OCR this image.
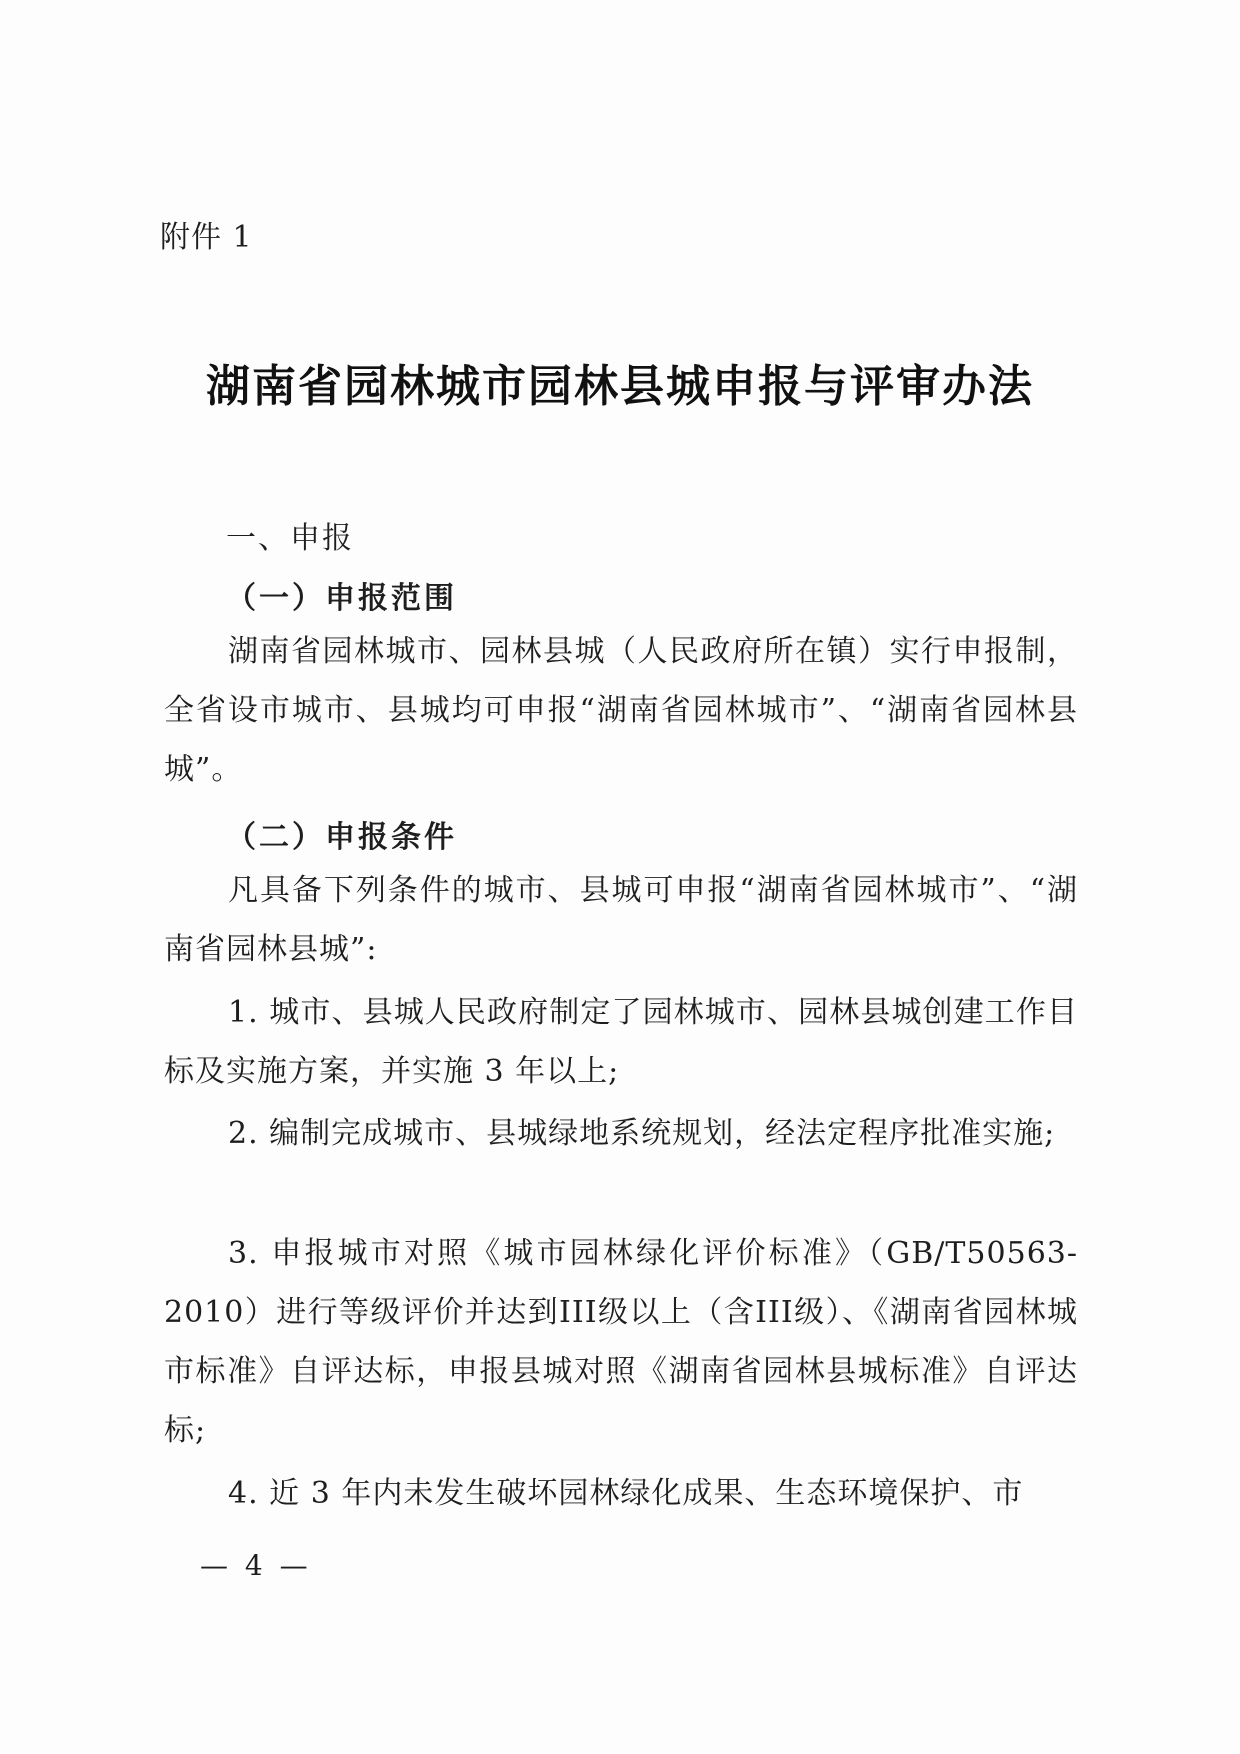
附件 1
湖南省园林城市园林县城申报与评审办法
一、申报
（一）申报范围
湖南省园林城市、园林县城（人民政府所在镇）实行申报制，全省设市城市、县城均可申报“湖南省园林城市”、“湖南省园林县城”。
（二）申报条件
凡具备下列条件的城市、县城可申报“湖南省园林城市”、“湖南省园林县城”:
1. 城市、县城人民政府制定了园林城市、园林县城创建工作目标及实施方案，并实施 3 年以上;
2. 编制完成城市、县城绿地系统规划，经法定程序批准实施;
3. 申报城市对照《城市园林绿化评价标准》（GB/T50563-2010）进行等级评价并达到III级以上（含III级）、《湖南省园林城市标准》自评达标，申报县城对照《湖南省园林县城标准》自评达标;
4. 近 3 年内未发生破坏园林绿化成果、生态环境保护、市
— 4 —
